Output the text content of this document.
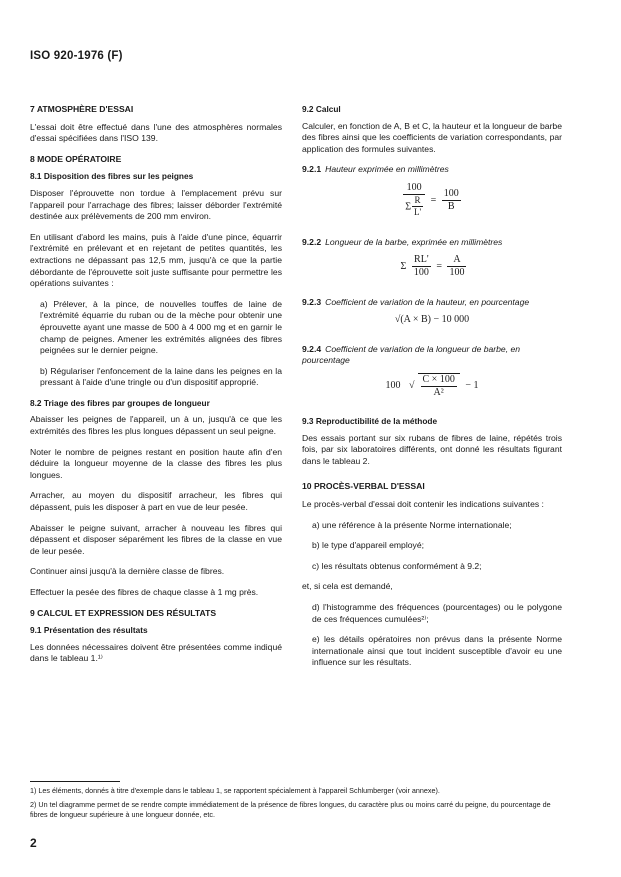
ISO 920-1976 (F)
7 ATMOSPHÈRE D'ESSAI
L'essai doit être effectué dans l'une des atmosphères normales d'essai spécifiées dans l'ISO 139.
8 MODE OPÉRATOIRE
8.1 Disposition des fibres sur les peignes
Disposer l'éprouvette non tordue à l'emplacement prévu sur l'appareil pour l'arrachage des fibres; laisser déborder l'extrémité destinée aux prélèvements de 200 mm environ.
En utilisant d'abord les mains, puis à l'aide d'une pince, équarrir l'extrémité en prélevant et en rejetant de petites quantités, les extractions ne dépassant pas 12,5 mm, jusqu'à ce que la partie débordante de l'éprouvette soit juste suffisante pour permettre les opérations suivantes :
a) Prélever, à la pince, de nouvelles touffes de laine de l'extrémité équarrie du ruban ou de la mèche pour obtenir une éprouvette ayant une masse de 500 à 4 000 mg et en garnir le champ de peignes. Amener les extrémités alignées des fibres peignées sur le dernier peigne.
b) Régulariser l'enfoncement de la laine dans les peignes en la pressant à l'aide d'une tringle ou d'un dispositif approprié.
8.2 Triage des fibres par groupes de longueur
Abaisser les peignes de l'appareil, un à un, jusqu'à ce que les extrémités des fibres les plus longues dépassent un seul peigne.
Noter le nombre de peignes restant en position haute afin d'en déduire la longueur moyenne de la classe des fibres les plus longues.
Arracher, au moyen du dispositif arracheur, les fibres qui dépassent, puis les disposer à part en vue de leur pesée.
Abaisser le peigne suivant, arracher à nouveau les fibres qui dépassent et disposer séparément les fibres de la classe en vue de leur pesée.
Continuer ainsi jusqu'à la dernière classe de fibres.
Effectuer la pesée des fibres de chaque classe à 1 mg près.
9 CALCUL ET EXPRESSION DES RÉSULTATS
9.1 Présentation des résultats
Les données nécessaires doivent être présentées comme indiqué dans le tableau 1.¹⁾
9.2 Calcul
Calculer, en fonction de A, B et C, la hauteur et la longueur de barbe des fibres ainsi que les coefficients de variation correspondants, par application des formules suivantes.
9.2.1 Hauteur exprimée en millimètres
$\frac{100}{\Sigma \frac{R}{L'}} = \frac{100}{B}$
9.2.2 Longueur de la barbe, exprimée en millimètres
Σ $\frac{RL'}{100} = \frac{A}{100}$
9.2.3 Coefficient de variation de la hauteur, en pourcentage
√(A × B) − 10 000
9.2.4 Coefficient de variation de la longueur de barbe, en pourcentage
100 √ $\frac{C \times 100}{\text{A²}} - 1$
9.3 Reproductibilité de la méthode
Des essais portant sur six rubans de fibres de laine, répétés trois fois, par six laboratoires différents, ont donné les résultats figurant dans le tableau 2.
10 PROCÈS-VERBAL D'ESSAI
Le procès-verbal d'essai doit contenir les indications suivantes :
a) une référence à la présente Norme internationale;
b) le type d'appareil employé;
c) les résultats obtenus conformément à 9.2;
et, si cela est demandé,
d) l'histogramme des fréquences (pourcentages) ou le polygone de ces fréquences cumulées²⁾;
e) les détails opératoires non prévus dans la présente Norme internationale ainsi que tout incident susceptible d'avoir eu une influence sur les résultats.
1) Les éléments, donnés à titre d'exemple dans le tableau 1, se rapportent spécialement à l'appareil Schlumberger (voir annexe).
2) Un tel diagramme permet de se rendre compte immédiatement de la présence de fibres longues, du caractère plus ou moins carré du peigne, du pourcentage de fibres de longueur supérieure à une longueur donnée, etc.
2
